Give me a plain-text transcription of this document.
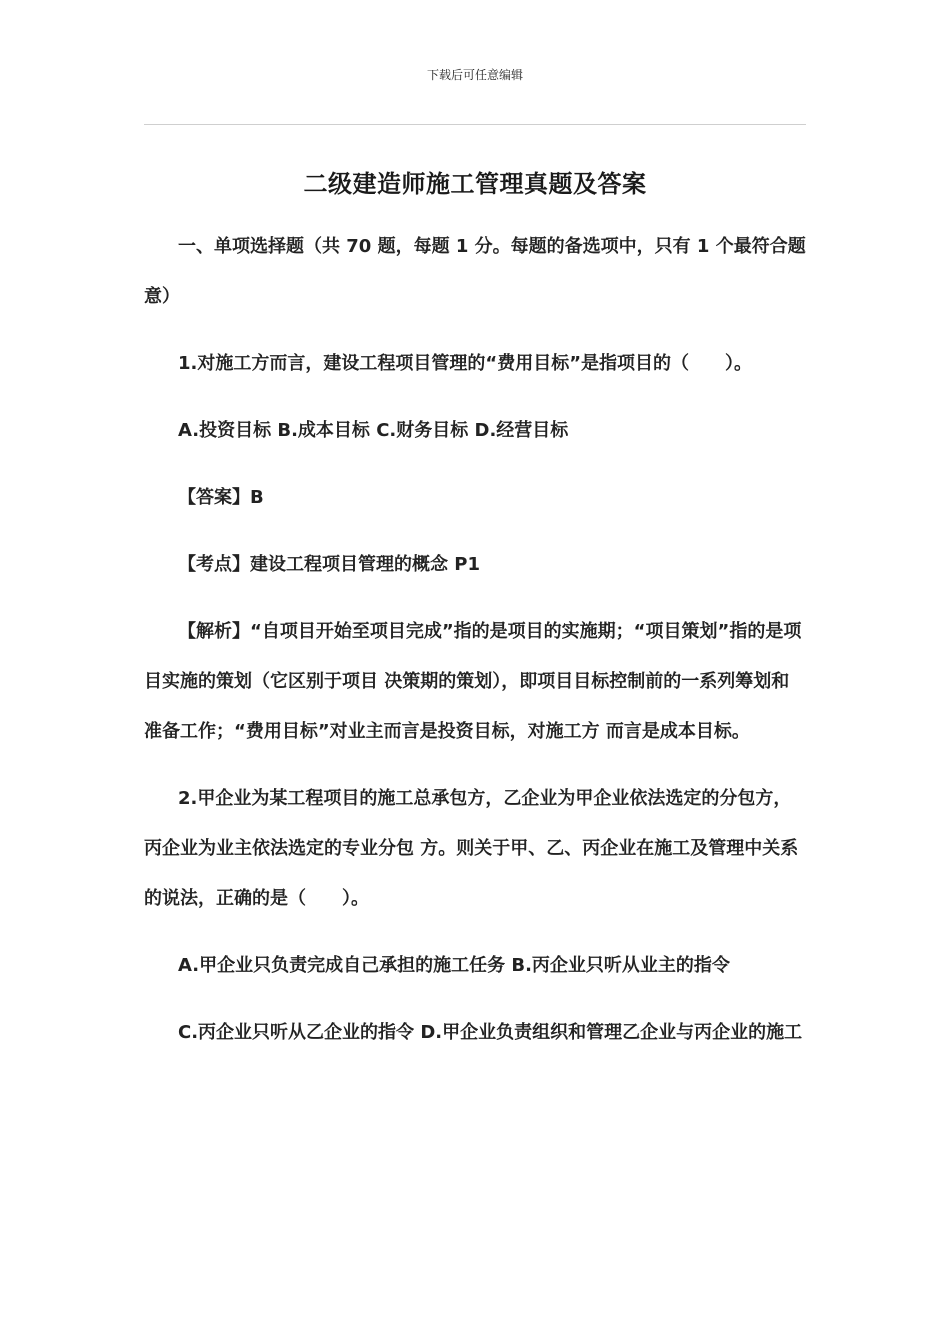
下载后可任意编辑
二级建造师施工管理真题及答案

一、单项选择题（共 70 题，每题 1 分。每题的备选项中，只有 1 个最符合题意）

1.对施工方而言，建设工程项目管理的“费用目标”是指项目的（　　）。

A.投资目标 B.成本目标 C.财务目标 D.经营目标

【答案】B

【考点】建设工程项目管理的概念 P1

【解析】“自项目开始至项目完成”指的是项目的实施期；“项目策划”指的是项目实施的策划（它区别于项目 决策期的策划），即项目目标控制前的一系列筹划和准备工作；“费用目标”对业主而言是投资目标，对施工方 而言是成本目标。

2.甲企业为某工程项目的施工总承包方，乙企业为甲企业依法选定的分包方，丙企业为业主依法选定的专业分包 方。则关于甲、乙、丙企业在施工及管理中关系的说法，正确的是（　　）。

A.甲企业只负责完成自己承担的施工任务 B.丙企业只听从业主的指令

C.丙企业只听从乙企业的指令 D.甲企业负责组织和管理乙企业与丙企业的施工
